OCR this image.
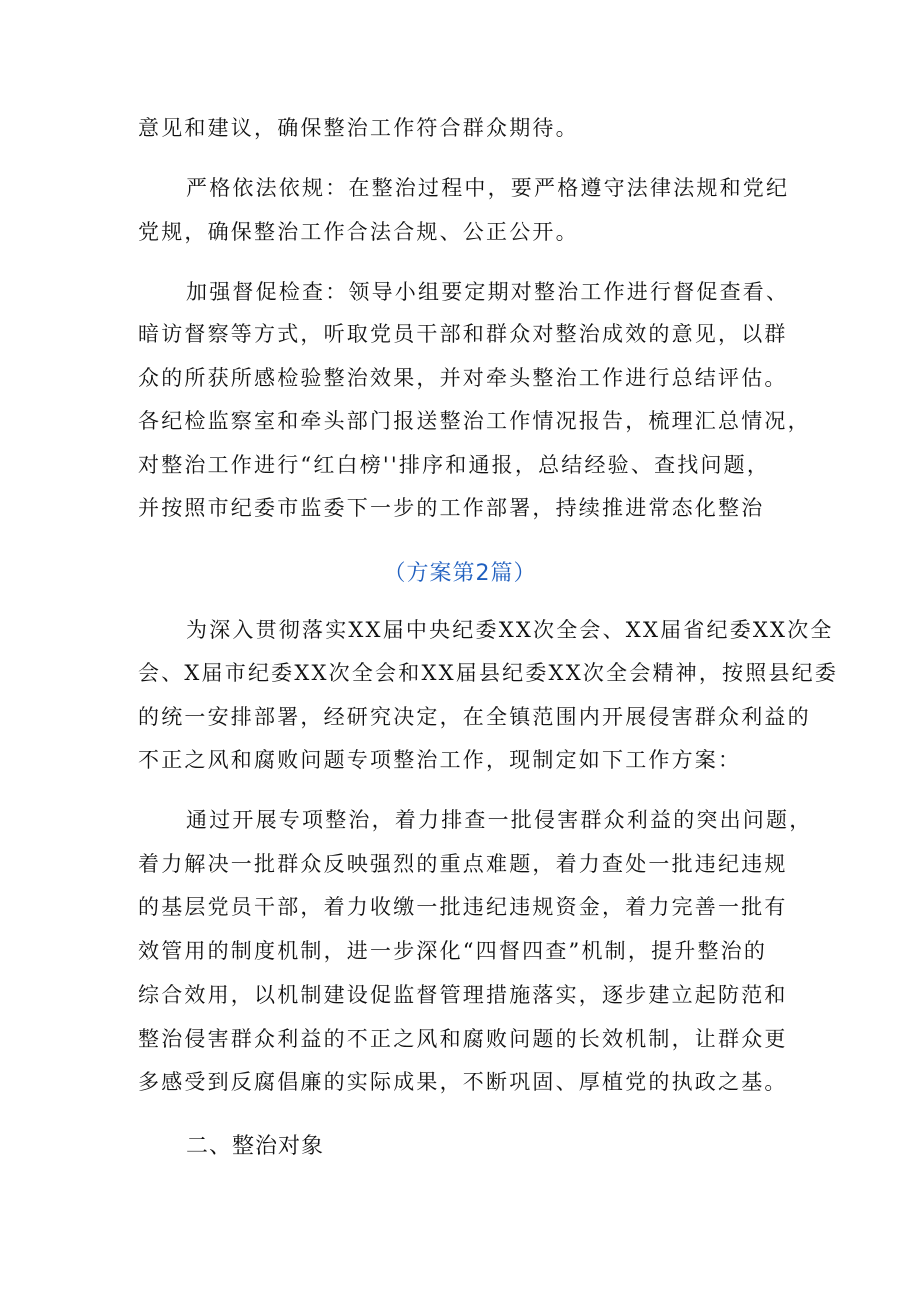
意见和建议，确保整治工作符合群众期待。
严格依法依规：在整治过程中，要严格遵守法律法规和党纪
党规，确保整治工作合法合规、公正公开。
加强督促检查：领导小组要定期对整治工作进行督促查看、
暗访督察等方式，听取党员干部和群众对整治成效的意见，以群
众的所获所感检验整治效果，并对牵头整治工作进行总结评估。
各纪检监察室和牵头部门报送整治工作情况报告，梳理汇总情况，
对整治工作进行“红白榜''排序和通报，总结经验、查找问题，
并按照市纪委市监委下一步的工作部署，持续推进常态化整治
（方案第2篇）
为深入贯彻落实XX届中央纪委XX次全会、XX届省纪委XX次全
会、X届市纪委XX次全会和XX届县纪委XX次全会精神，按照县纪委
的统一安排部署，经研究决定，在全镇范围内开展侵害群众利益的
不正之风和腐败问题专项整治工作，现制定如下工作方案：
通过开展专项整治，着力排查一批侵害群众利益的突出问题，
着力解决一批群众反映强烈的重点难题，着力查处一批违纪违规
的基层党员干部，着力收缴一批违纪违规资金，着力完善一批有
效管用的制度机制，进一步深化“四督四查”机制，提升整治的
综合效用，以机制建设促监督管理措施落实，逐步建立起防范和
整治侵害群众利益的不正之风和腐败问题的长效机制，让群众更
多感受到反腐倡廉的实际成果，不断巩固、厚植党的执政之基。
二、整治对象
